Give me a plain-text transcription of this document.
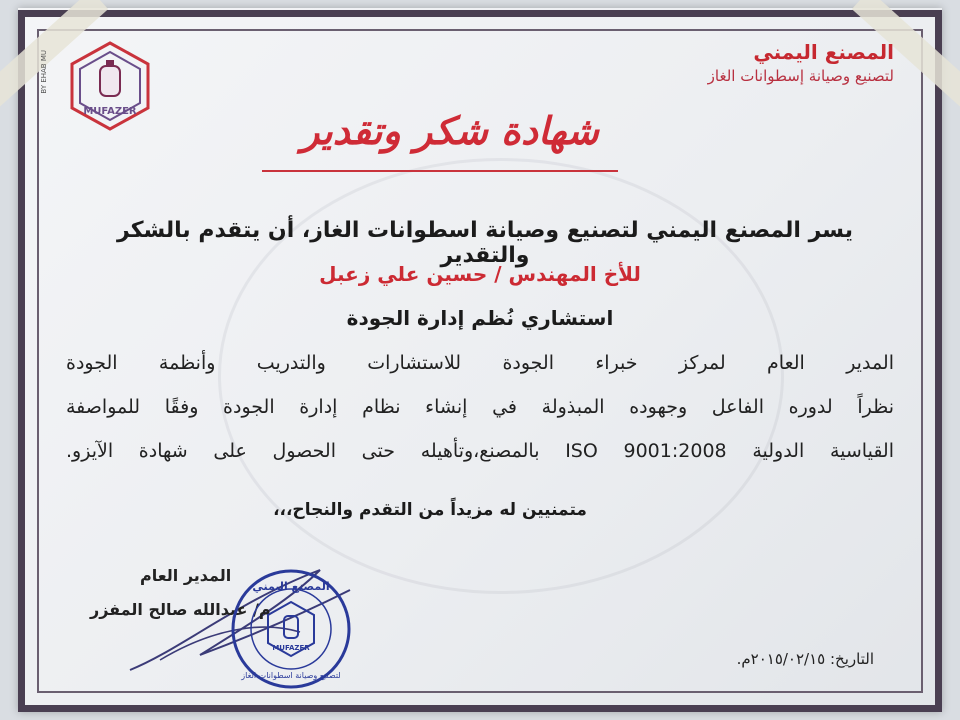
BY EHAB MU
MUFAZER
المصنع اليمني
لتصنيع وصيانة إسطوانات الغاز
شهادة شكر وتقدير
يسر المصنع اليمني لتصنيع وصيانة اسطوانات الغاز، أن يتقدم بالشكر والتقدير
للأخ المهندس / حسين علي زعبل
استشاري نُظم إدارة الجودة
المدير العام لمركز خبراء الجودة للاستشارات والتدريب وأنظمة الجودة
نظراً لدوره الفاعل وجهوده المبذولة في إنشاء نظام إدارة الجودة وفقًا للمواصفة
القياسية الدولية ISO 9001:2008 بالمصنع،وتأهيله حتى الحصول على شهادة الآيزو.
متمنيين له مزيداً من التقدم والنجاح،،،
المدير العام
م/ عبدالله صالح المفزر
المصنع اليمني
MUFAZER
لتصنيع وصيانة اسطوانات الغاز
التاريخ: ٢٠١٥/٠٢/١٥م.
